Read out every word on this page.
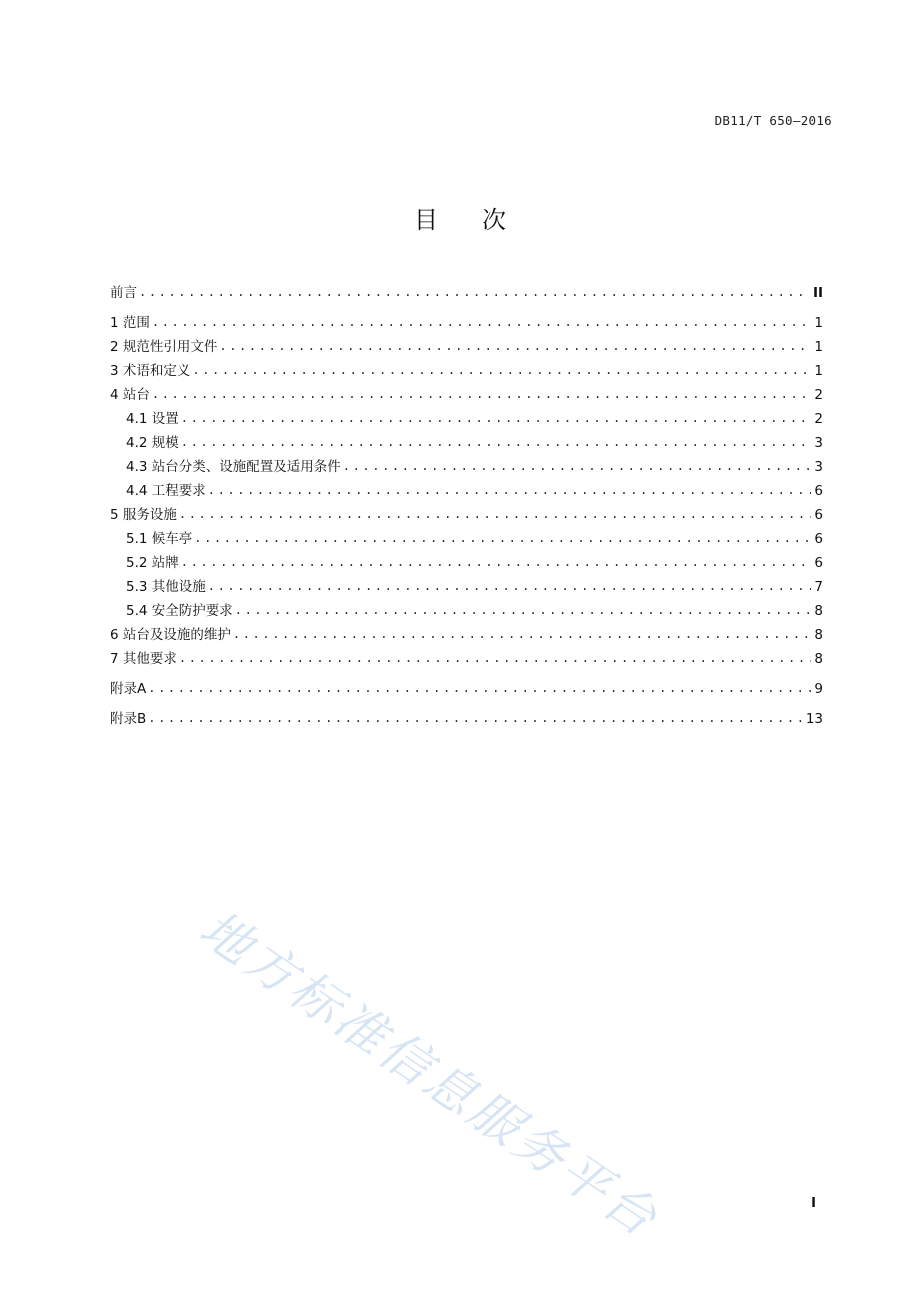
DB11/T 650—2016
目次
前言 .....	II
1 范围 .....	1
2 规范性引用文件 .....	1
3 术语和定义 .....	1
4 站台 .....	2
4.1 设置 .....	2
4.2 规模 .....	3
4.3 站台分类、设施配置及适用条件 .....	3
4.4 工程要求 .....	6
5 服务设施 .....	6
5.1 候车亭 .....	6
5.2 站牌 .....	6
5.3 其他设施 .....	7
5.4 安全防护要求 .....	8
6 站台及设施的维护 .....	8
7 其他要求 .....	8
附录A .....	9
附录B .....	13
地方标准信息服务平台	I
